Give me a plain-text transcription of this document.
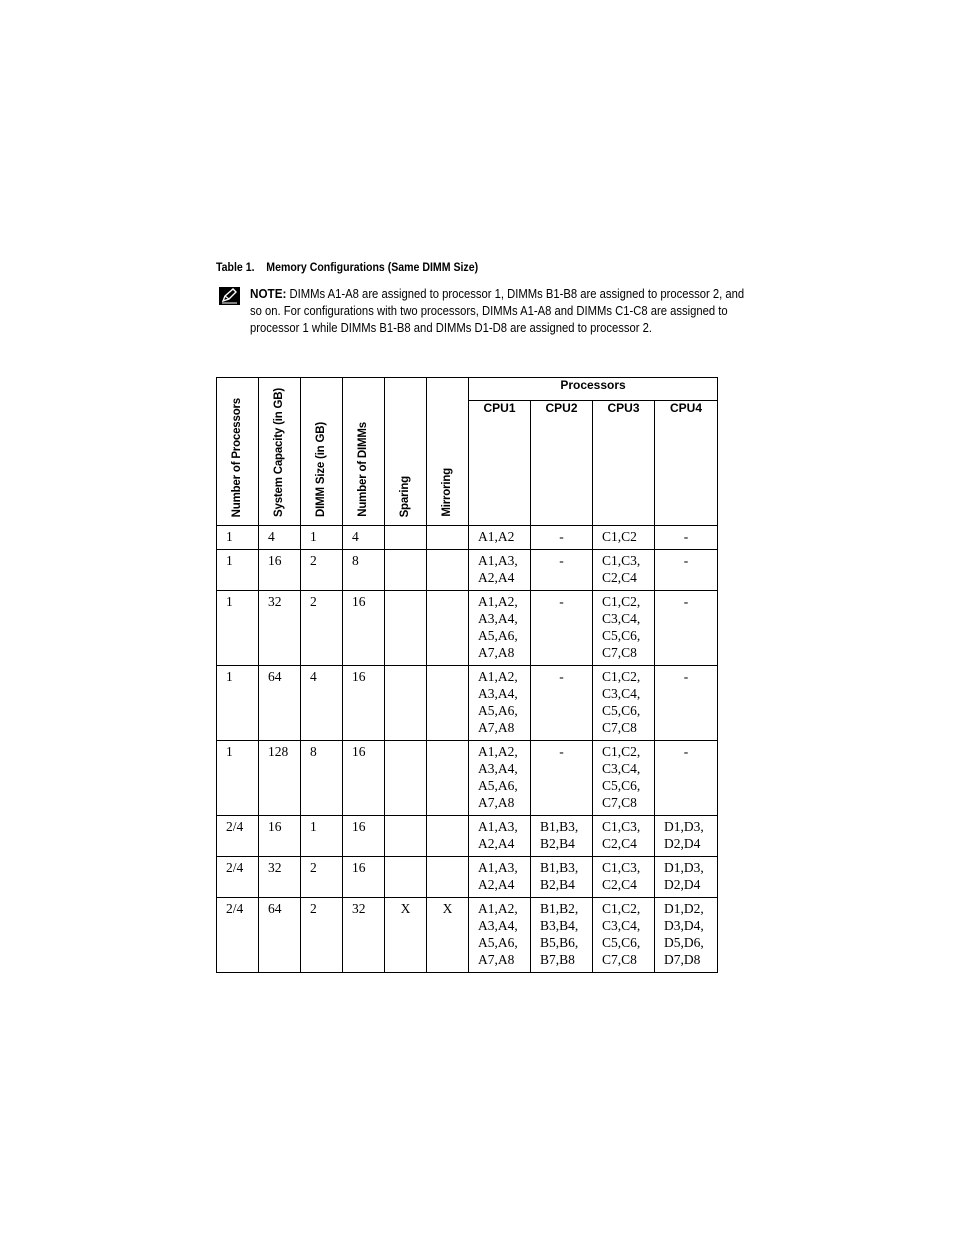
Table 1. Memory Configurations (Same DIMM Size)
NOTE: DIMMs A1-A8 are assigned to processor 1, DIMMs B1-B8 are assigned to processor 2, and so on. For configurations with two processors, DIMMs A1-A8 and DIMMs C1-C8 are assigned to processor 1 while DIMMs B1-B8 and DIMMs D1-D8 are assigned to processor 2.
Number of Processors	System Capacity (in GB)	DIMM Size (in GB)	Number of DIMMs	Sparing	Mirroring	Processors			
						CPU1	CPU2	CPU3	CPU4
1	4	1	4			A1,A2	-	C1,C2	-

1	16	2	8			A1,A3,
A2,A4	-	C1,C3,
C2,C4	-

1	32	2	16			A1,A2,
A3,A4,
A5,A6,
A7,A8	-	C1,C2,
C3,C4,
C5,C6,
C7,C8	-

1	64	4	16			A1,A2,
A3,A4,
A5,A6,
A7,A8	-	C1,C2,
C3,C4,
C5,C6,
C7,C8	-

1	128	8	16			A1,A2,
A3,A4,
A5,A6,
A7,A8	-	C1,C2,
C3,C4,
C5,C6,
C7,C8	-

2/4	16	1	16			A1,A3,
A2,A4	B1,B3,
B2,B4	C1,C3,
C2,C4	D1,D3,
D2,D4

2/4	32	2	16			A1,A3,
A2,A4	B1,B3,
B2,B4	C1,C3,
C2,C4	D1,D3,
D2,D4

2/4	64	2	32	X	X	A1,A2,
A3,A4,
A5,A6,
A7,A8	B1,B2,
B3,B4,
B5,B6,
B7,B8	C1,C2,
C3,C4,
C5,C6,
C7,C8	D1,D2,
D3,D4,
D5,D6,
D7,D8
